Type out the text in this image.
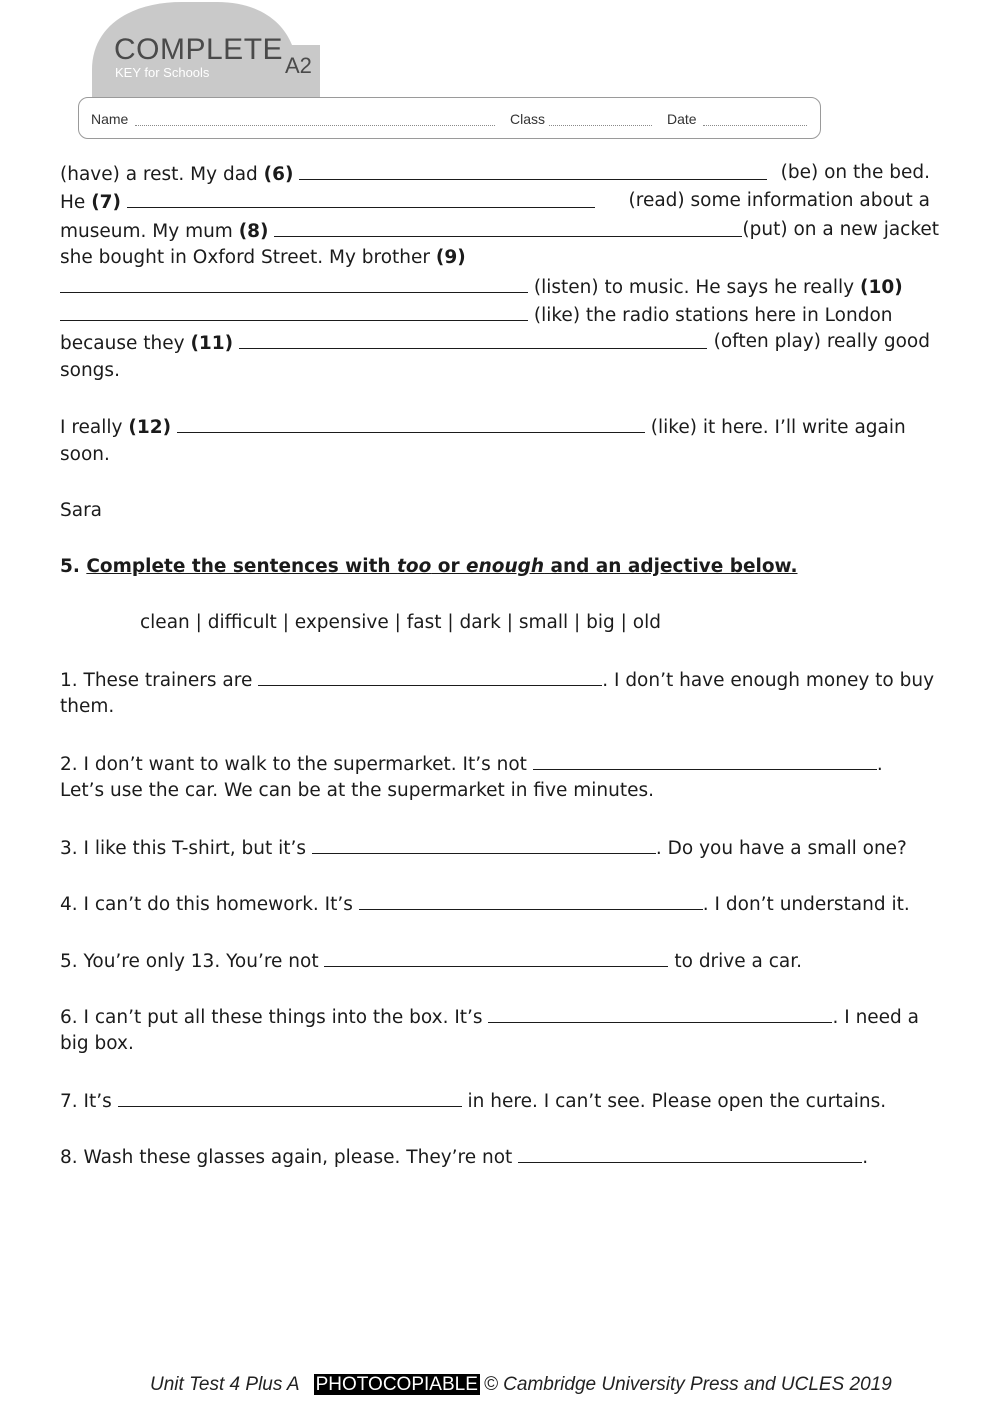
COMPLETE
KEY for Schools	A2
Name	Class	Date
(have) a rest. My dad (6)	(be) on the bed.
He (7)	(read) some information about a
museum. My mum (8)	(put) on a new jacket
she bought in Oxford Street. My brother (9)
(listen) to music. He says he really (10)
(like) the radio stations here in London
because they (11)	(often play) really good
songs.
I really (12)	(like) it here. I’ll write again
soon.
Sara
5. Complete the sentences with too or enough and an adjective below.
clean | difficult | expensive | fast | dark | small | big | old
1. These trainers are	. I don’t have enough money to buy
them.
2. I don’t want to walk to the supermarket. It’s not	.
Let’s use the car. We can be at the supermarket in five minutes.
3. I like this T-shirt, but it’s	. Do you have a small one?
4. I can’t do this homework. It’s	. I don’t understand it.
5. You’re only 13. You’re not	to drive a car.
6. I can’t put all these things into the box. It’s	. I need a
big box.
7. It’s	in here. I can’t see. Please open the curtains.
8. Wash these glasses again, please. They’re not	.
Unit Test 4 Plus A PHOTOCOPIABLE © Cambridge University Press and UCLES 2019
